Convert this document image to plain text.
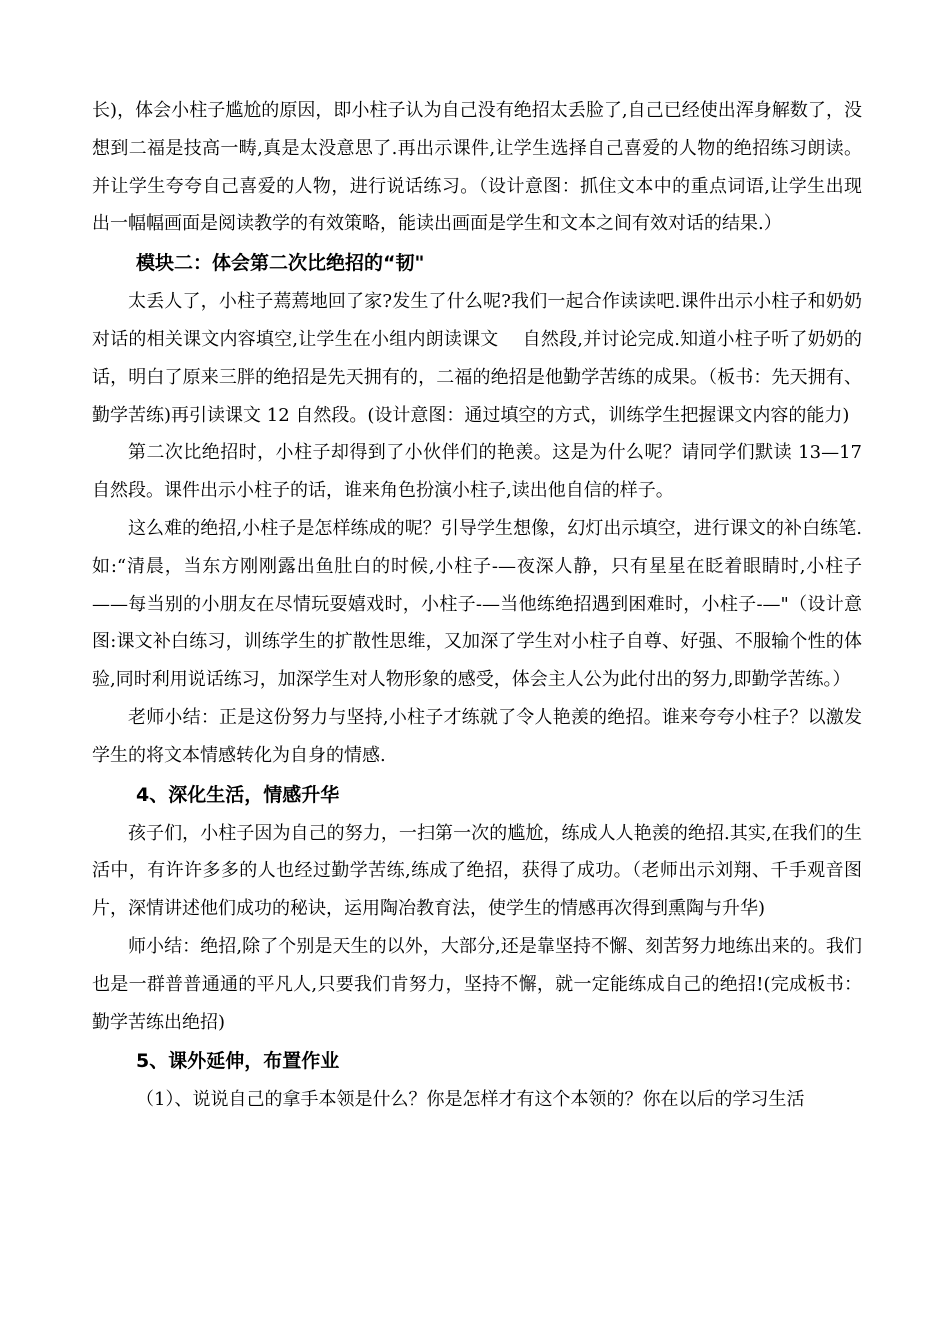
长)，体会小柱子尴尬的原因，即小柱子认为自己没有绝招太丢脸了,自己已经使出浑身解数了，没想到二福是技高一畴,真是太没意思了.再出示课件,让学生选择自己喜爱的人物的绝招练习朗读。并让学生夸夸自己喜爱的人物，进行说话练习。（设计意图：抓住文本中的重点词语,让学生出现出一幅幅画面是阅读教学的有效策略，能读出画面是学生和文本之间有效对话的结果.）

模块二：体会第二次比绝招的“韧"

太丢人了，小柱子蔫蔫地回了家?发生了什么呢?我们一起合作读读吧.课件出示小柱子和奶奶对话的相关课文内容填空,让学生在小组内朗读课文　 自然段,并讨论完成.知道小柱子听了奶奶的话，明白了原来三胖的绝招是先天拥有的，二福的绝招是他勤学苦练的成果。（板书：先天拥有、勤学苦练)再引读课文 12 自然段。(设计意图：通过填空的方式，训练学生把握课文内容的能力)

第二次比绝招时，小柱子却得到了小伙伴们的艳羡。这是为什么呢？请同学们默读 13—17 自然段。课件出示小柱子的话，谁来角色扮演小柱子,读出他自信的样子。

这么难的绝招,小柱子是怎样练成的呢？引导学生想像，幻灯出示填空，进行课文的补白练笔.如:“清晨，当东方刚刚露出鱼肚白的时候,小柱子-—夜深人静，只有星星在眨着眼睛时,小柱子——每当别的小朋友在尽情玩耍嬉戏时，小柱子-—当他练绝招遇到困难时，小柱子-—"（设计意图:课文补白练习，训练学生的扩散性思维，又加深了学生对小柱子自尊、好强、不服输个性的体验,同时利用说话练习，加深学生对人物形象的感受，体会主人公为此付出的努力,即勤学苦练。）

老师小结：正是这份努力与坚持,小柱子才练就了令人艳羡的绝招。谁来夸夸小柱子？以激发学生的将文本情感转化为自身的情感.

4、深化生活，情感升华

孩子们，小柱子因为自己的努力，一扫第一次的尴尬，练成人人艳羡的绝招.其实,在我们的生活中，有许许多多的人也经过勤学苦练,练成了绝招，获得了成功。（老师出示刘翔、千手观音图片，深情讲述他们成功的秘诀，运用陶冶教育法，使学生的情感再次得到熏陶与升华)

师小结：绝招,除了个别是天生的以外，大部分,还是靠坚持不懈、刻苦努力地练出来的。我们也是一群普普通通的平凡人,只要我们肯努力，坚持不懈，就一定能练成自己的绝招!(完成板书：勤学苦练出绝招)

5、课外延伸，布置作业

（1）、说说自己的拿手本领是什么？你是怎样才有这个本领的？你在以后的学习生活
